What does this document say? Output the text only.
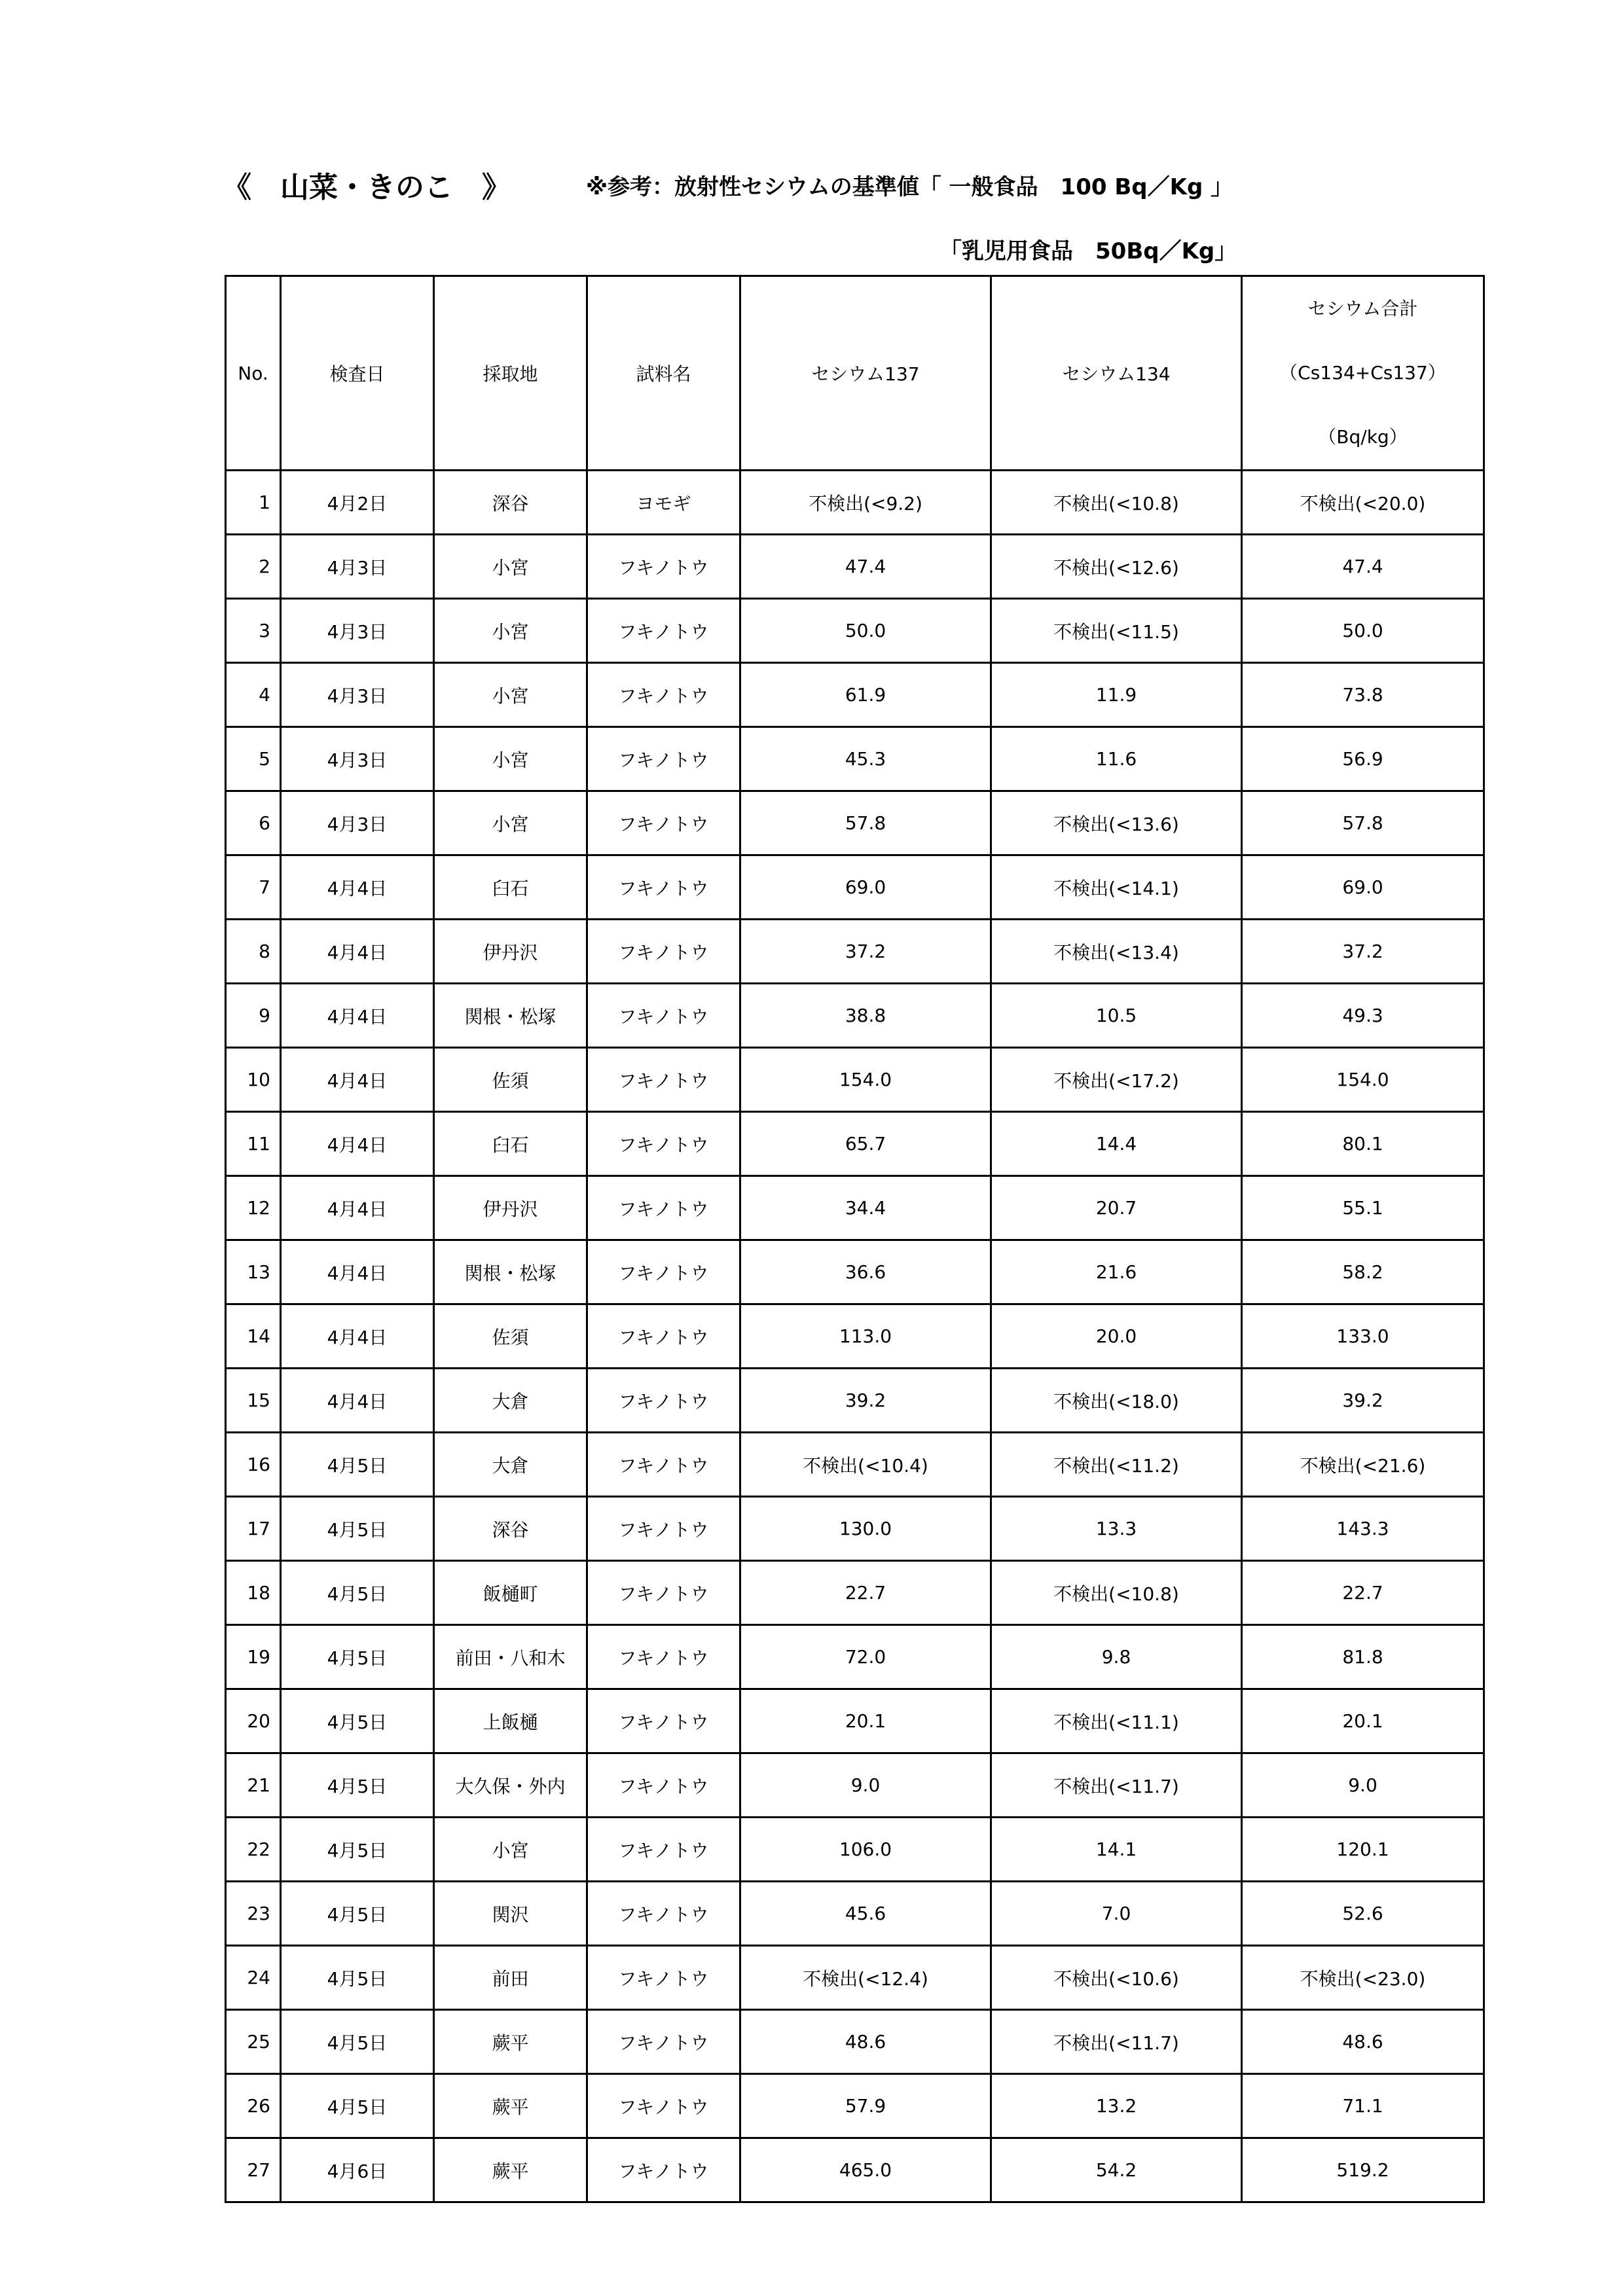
《　山菜・きのこ　》	※参考：放射性セシウムの基準値「 一般食品　100 Bq／Kg 」
「乳児用食品　50Bq／Kg」
No.	検査日	採取地	試料名	セシウム137	セシウム134	セシウム合計
（Cs134+Cs137）
（Bq/kg）

1	4月2日	深谷	ヨモギ	不検出(<9.2)	不検出(<10.8)	不検出(<20.0)
2	4月3日	小宮	フキノトウ	47.4	不検出(<12.6)	47.4
3	4月3日	小宮	フキノトウ	50.0	不検出(<11.5)	50.0
4	4月3日	小宮	フキノトウ	61.9	11.9	73.8
5	4月3日	小宮	フキノトウ	45.3	11.6	56.9
6	4月3日	小宮	フキノトウ	57.8	不検出(<13.6)	57.8
7	4月4日	臼石	フキノトウ	69.0	不検出(<14.1)	69.0
8	4月4日	伊丹沢	フキノトウ	37.2	不検出(<13.4)	37.2
9	4月4日	関根・松塚	フキノトウ	38.8	10.5	49.3
10	4月4日	佐須	フキノトウ	154.0	不検出(<17.2)	154.0
11	4月4日	臼石	フキノトウ	65.7	14.4	80.1
12	4月4日	伊丹沢	フキノトウ	34.4	20.7	55.1
13	4月4日	関根・松塚	フキノトウ	36.6	21.6	58.2
14	4月4日	佐須	フキノトウ	113.0	20.0	133.0
15	4月4日	大倉	フキノトウ	39.2	不検出(<18.0)	39.2
16	4月5日	大倉	フキノトウ	不検出(<10.4)	不検出(<11.2)	不検出(<21.6)
17	4月5日	深谷	フキノトウ	130.0	13.3	143.3
18	4月5日	飯樋町	フキノトウ	22.7	不検出(<10.8)	22.7
19	4月5日	前田・八和木	フキノトウ	72.0	9.8	81.8
20	4月5日	上飯樋	フキノトウ	20.1	不検出(<11.1)	20.1
21	4月5日	大久保・外内	フキノトウ	9.0	不検出(<11.7)	9.0
22	4月5日	小宮	フキノトウ	106.0	14.1	120.1
23	4月5日	関沢	フキノトウ	45.6	7.0	52.6
24	4月5日	前田	フキノトウ	不検出(<12.4)	不検出(<10.6)	不検出(<23.0)
25	4月5日	蕨平	フキノトウ	48.6	不検出(<11.7)	48.6
26	4月5日	蕨平	フキノトウ	57.9	13.2	71.1
27	4月6日	蕨平	フキノトウ	465.0	54.2	519.2
